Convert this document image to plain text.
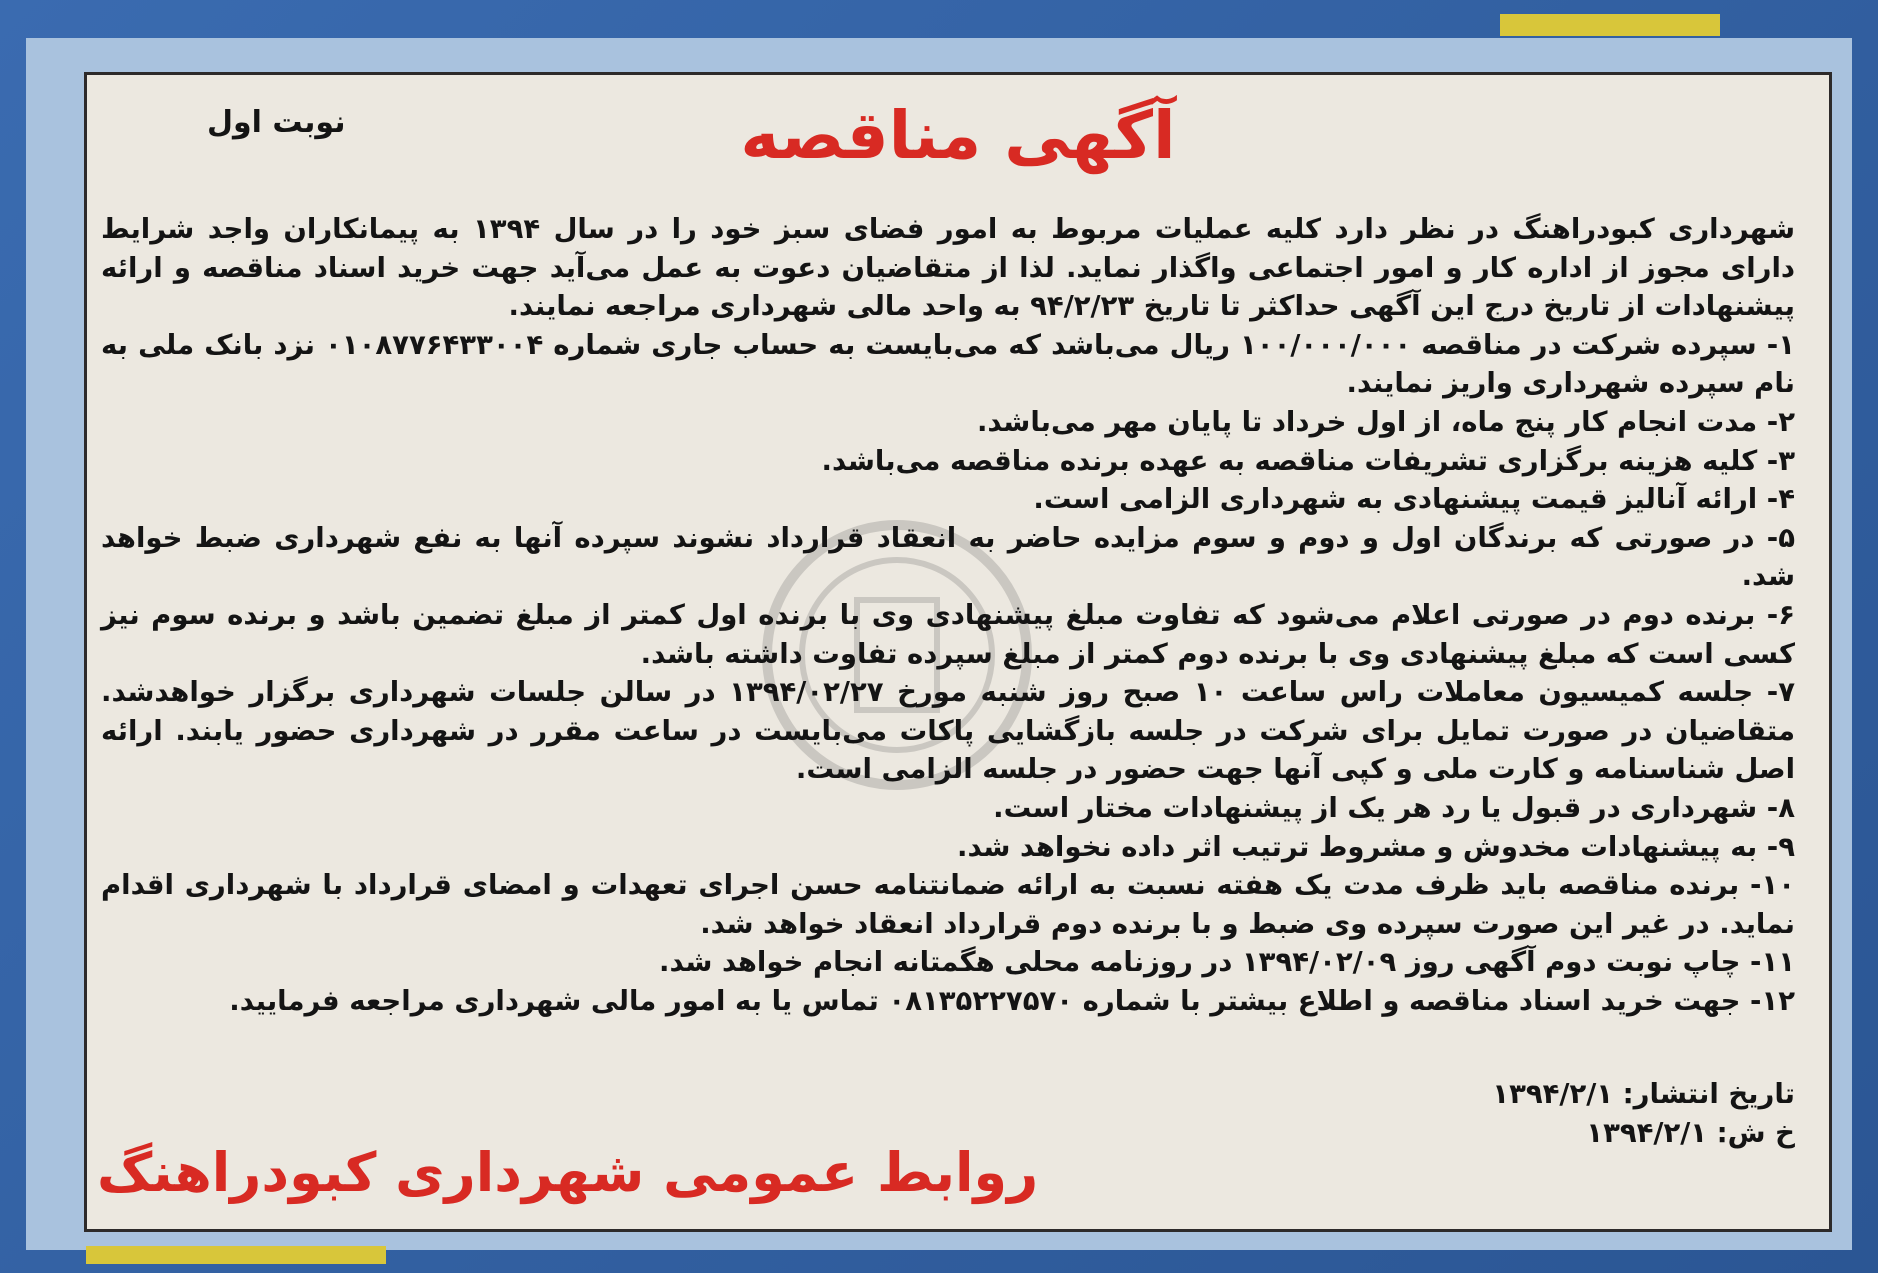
نوبت اول	آگهی مناقصه

شهرداری کبودراهنگ در نظر دارد کلیه عملیات مربوط به امور فضای سبز خود را در سال ۱۳۹۴ به پیمانکاران واجد شرایط دارای مجوز از اداره کار و امور اجتماعی واگذار نماید. لذا از متقاضیان دعوت به عمل می‌آید جهت خرید اسناد مناقصه و ارائه پیشنهادات از تاریخ درج این آگهی حداکثر تا تاریخ ۹۴/۲/۲۳ به واحد مالی شهرداری مراجعه نمایند.

۱- سپرده شرکت در مناقصه ۱۰۰/۰۰۰/۰۰۰ ریال می‌باشد که می‌بایست به حساب جاری شماره ۰۱۰۸۷۷۶۴۳۳۰۰۴ نزد بانک ملی به نام سپرده شهرداری واریز نمایند.

۲- مدت انجام کار پنج ماه، از اول خرداد تا پایان مهر می‌باشد.

۳- کلیه هزینه برگزاری تشریفات مناقصه به عهده برنده مناقصه می‌باشد.

۴- ارائه آنالیز قیمت پیشنهادی به شهرداری الزامی است.

۵- در صورتی که برندگان اول و دوم و سوم مزایده حاضر به انعقاد قرارداد نشوند سپرده آنها به نفع شهرداری ضبط خواهد شد.

۶- برنده دوم در صورتی اعلام می‌شود که تفاوت مبلغ پیشنهادی وی با برنده اول کمتر از مبلغ تضمین باشد و برنده سوم نیز کسی است که مبلغ پیشنهادی وی با برنده دوم کمتر از مبلغ سپرده تفاوت داشته باشد.

۷- جلسه کمیسیون معاملات راس ساعت ۱۰ صبح روز شنبه مورخ ۱۳۹۴/۰۲/۲۷ در سالن جلسات شهرداری برگزار خواهدشد. متقاضیان در صورت تمایل برای شرکت در جلسه بازگشایی پاکات می‌بایست در ساعت مقرر در شهرداری حضور یابند. ارائه اصل شناسنامه و کارت ملی و کپی آنها جهت حضور در جلسه الزامی است.

۸- شهرداری در قبول یا رد هر یک از پیشنهادات مختار است.

۹- به پیشنهادات مخدوش و مشروط ترتیب اثر داده نخواهد شد.

۱۰- برنده مناقصه باید ظرف مدت یک هفته نسبت به ارائه ضمانتنامه حسن اجرای تعهدات و امضای قرارداد با شهرداری اقدام نماید. در غیر این صورت سپرده وی ضبط و با برنده دوم قرارداد انعقاد خواهد شد.

۱۱- چاپ نوبت دوم آگهی روز ۱۳۹۴/۰۲/۰۹ در روزنامه محلی هگمتانه انجام خواهد شد.

۱۲- جهت خرید اسناد مناقصه و اطلاع بیشتر با شماره ۰۸۱۳۵۲۲۷۵۷۰ تماس یا به امور مالی شهرداری مراجعه فرمایید.

تاریخ انتشار: ۱۳۹۴/۲/۱
خ ش: ۱۳۹۴/۲/۱
روابط عمومی شهرداری کبودراهنگ
